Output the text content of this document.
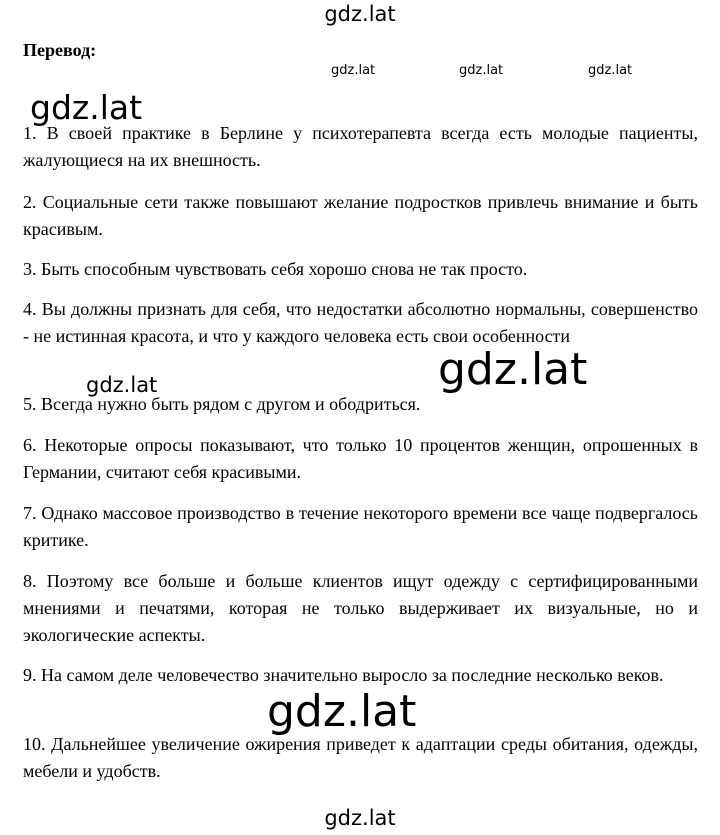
gdz.lat
Перевод:
gdz.lat	gdz.lat	gdz.lat
gdz.lat

1. В своей практике в Берлине у психотерапевта всегда есть молодые пациенты, жалующиеся на их внешность.

2. Социальные сети также повышают желание подростков привлечь внимание и быть красивым.

3. Быть способным чувствовать себя хорошо снова не так просто.

4. Вы должны признать для себя, что недостатки абсолютно нормальны, совершенство - не истинная красота, и что у каждого человека есть свои особенности

5. Всегда нужно быть рядом с другом и ободриться.

6. Некоторые опросы показывают, что только 10 процентов женщин, опрошенных в Германии, считают себя красивыми.

7. Однако массовое производство в течение некоторого времени все чаще подвергалось критике.

8. Поэтому все больше и больше клиентов ищут одежду с сертифицированными мнениями и печатями, которая не только выдерживает их визуальные, но и экологические аспекты.

9. На самом деле человечество значительно выросло за последние несколько веков.

10. Дальнейшее увеличение ожирения приведет к адаптации среды обитания, одежды, мебели и удобств.

gdz.lat	gdz.lat
gdz.lat
gdz.lat
